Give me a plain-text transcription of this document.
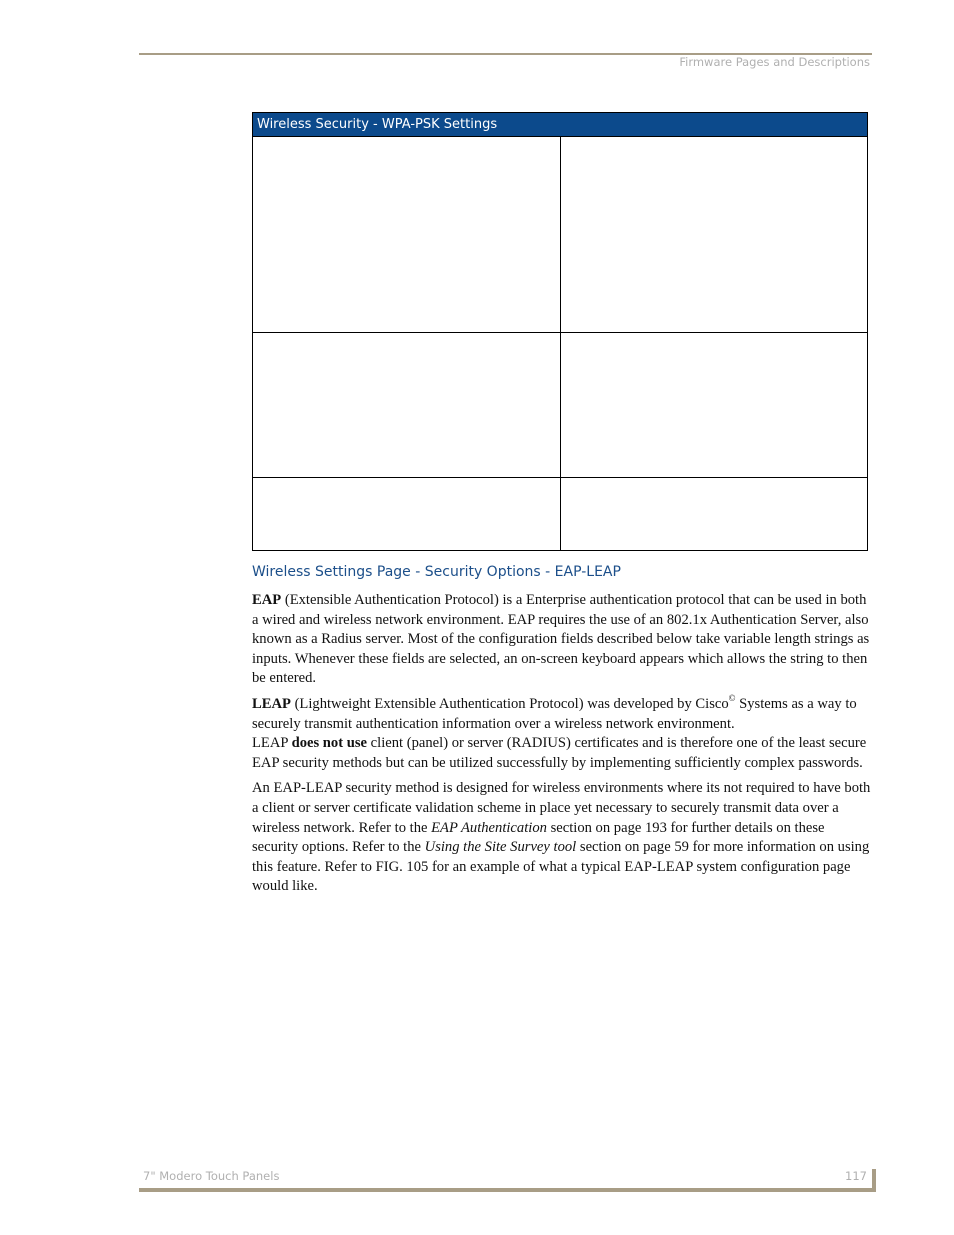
Firmware Pages and Descriptions
Wireless Security - WPA-PSK Settings	

Wireless Settings Page - Security Options - EAP-LEAP

EAP (Extensible Authentication Protocol) is a Enterprise authentication protocol that can be used in both a wired and wireless network environment. EAP requires the use of an 802.1x Authentication Server, also known as a Radius server. Most of the configuration fields described below take variable length strings as inputs. Whenever these fields are selected, an on-screen keyboard appears which allows the string to then be entered.

LEAP (Lightweight Extensible Authentication Protocol) was developed by Cisco© Systems as a way to securely transmit authentication information over a wireless network environment.

LEAP does not use client (panel) or server (RADIUS) certificates and is therefore one of the least secure EAP security methods but can be utilized successfully by implementing sufficiently complex passwords.

An EAP-LEAP security method is designed for wireless environments where its not required to have both a client or server certificate validation scheme in place yet necessary to securely transmit data over a wireless network. Refer to the EAP Authentication section on page 193 for further details on these security options. Refer to the Using the Site Survey tool section on page 59 for more information on using this feature. Refer to FIG. 105 for an example of what a typical EAP-LEAP system configuration page would like.

7" Modero Touch Panels	117
